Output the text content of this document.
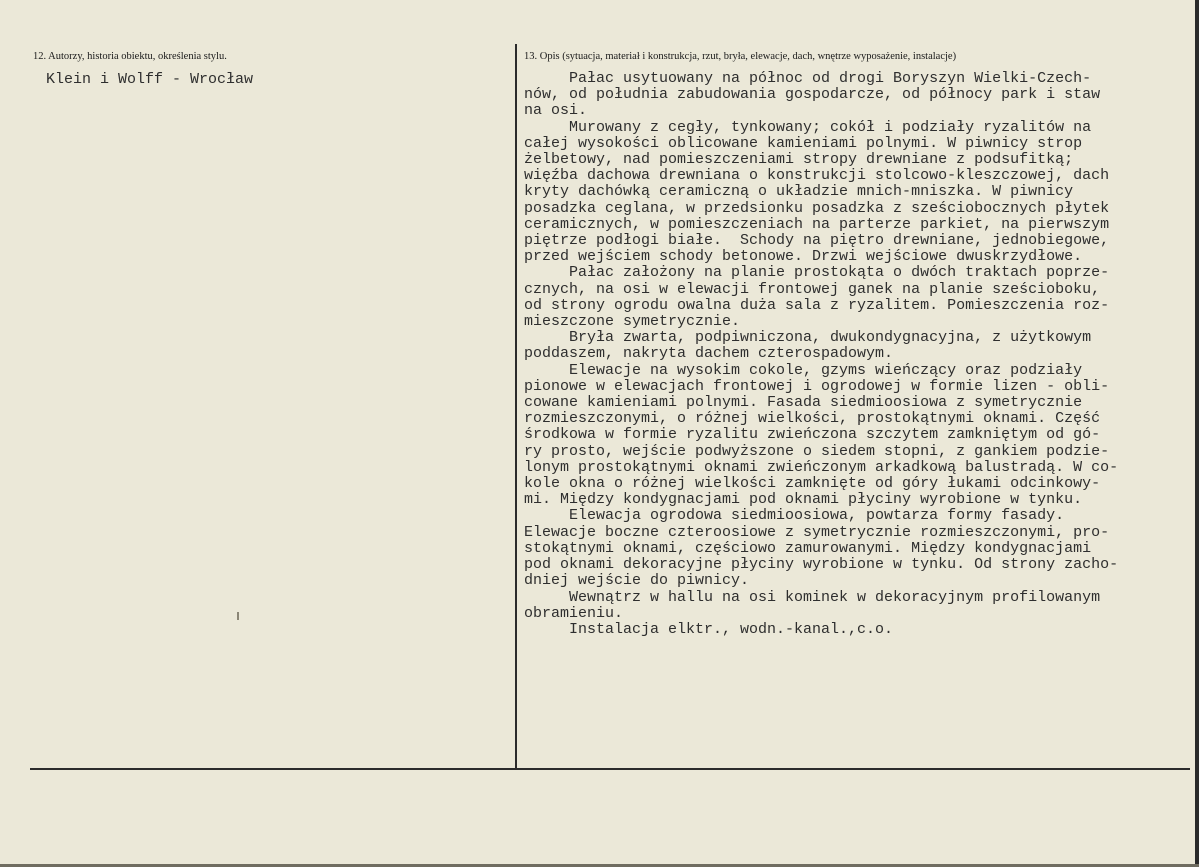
12. Autorzy, historia obiektu, określenia stylu.
Klein i Wolff - Wrocław
13. Opis (sytuacja, materiał i konstrukcja, rzut, bryła, elewacje, dach, wnętrze wyposażenie, instalacje)
Pałac usytuowany na północ od drogi Boryszyn Wielki-Czech-
nów, od południa zabudowania gospodarcze, od północy park i staw
na osi.
Murowany z cegły, tynkowany; cokół i podziały ryzalitów na
całej wysokości oblicowane kamieniami polnymi. W piwnicy strop
żelbetowy, nad pomieszczeniami stropy drewniane z podsufitką;
więźba dachowa drewniana o konstrukcji stolcowo-kleszczowej, dach
kryty dachówką ceramiczną o układzie mnich-mniszka. W piwnicy
posadzka ceglana, w przedsionku posadzka z sześciobocznych płytek
ceramicznych, w pomieszczeniach na parterze parkiet, na pierwszym
piętrze podłogi białe.  Schody na piętro drewniane, jednobiegowe,
przed wejściem schody betonowe. Drzwi wejściowe dwuskrzydłowe.
Pałac założony na planie prostokąta o dwóch traktach poprze-
cznych, na osi w elewacji frontowej ganek na planie sześcioboku,
od strony ogrodu owalna duża sala z ryzalitem. Pomieszczenia roz-
mieszczone symetrycznie.
Bryła zwarta, podpiwniczona, dwukondygnacyjna, z użytkowym
poddaszem, nakryta dachem czterospadowym.
Elewacje na wysokim cokole, gzyms wieńczący oraz podziały
pionowe w elewacjach frontowej i ogrodowej w formie lizen - obli-
cowane kamieniami polnymi. Fasada siedmioosiowa z symetrycznie
rozmieszczonymi, o różnej wielkości, prostokątnymi oknami. Część
środkowa w formie ryzalitu zwieńczona szczytem zamkniętym od gó-
ry prosto, wejście podwyższone o siedem stopni, z gankiem podzie-
lonym prostokątnymi oknami zwieńczonym arkadkową balustradą. W co-
kole okna o różnej wielkości zamknięte od góry łukami odcinkowy-
mi. Między kondygnacjami pod oknami płyciny wyrobione w tynku.
Elewacja ogrodowa siedmioosiowa, powtarza formy fasady.
Elewacje boczne czteroosiowe z symetrycznie rozmieszczonymi, pro-
stokątnymi oknami, częściowo zamurowanymi. Między kondygnacjami
pod oknami dekoracyjne płyciny wyrobione w tynku. Od strony zacho-
dniej wejście do piwnicy.
Wewnątrz w hallu na osi kominek w dekoracyjnym profilowanym
obramieniu.
Instalacja elktr., wodn.-kanal.,c.o.
